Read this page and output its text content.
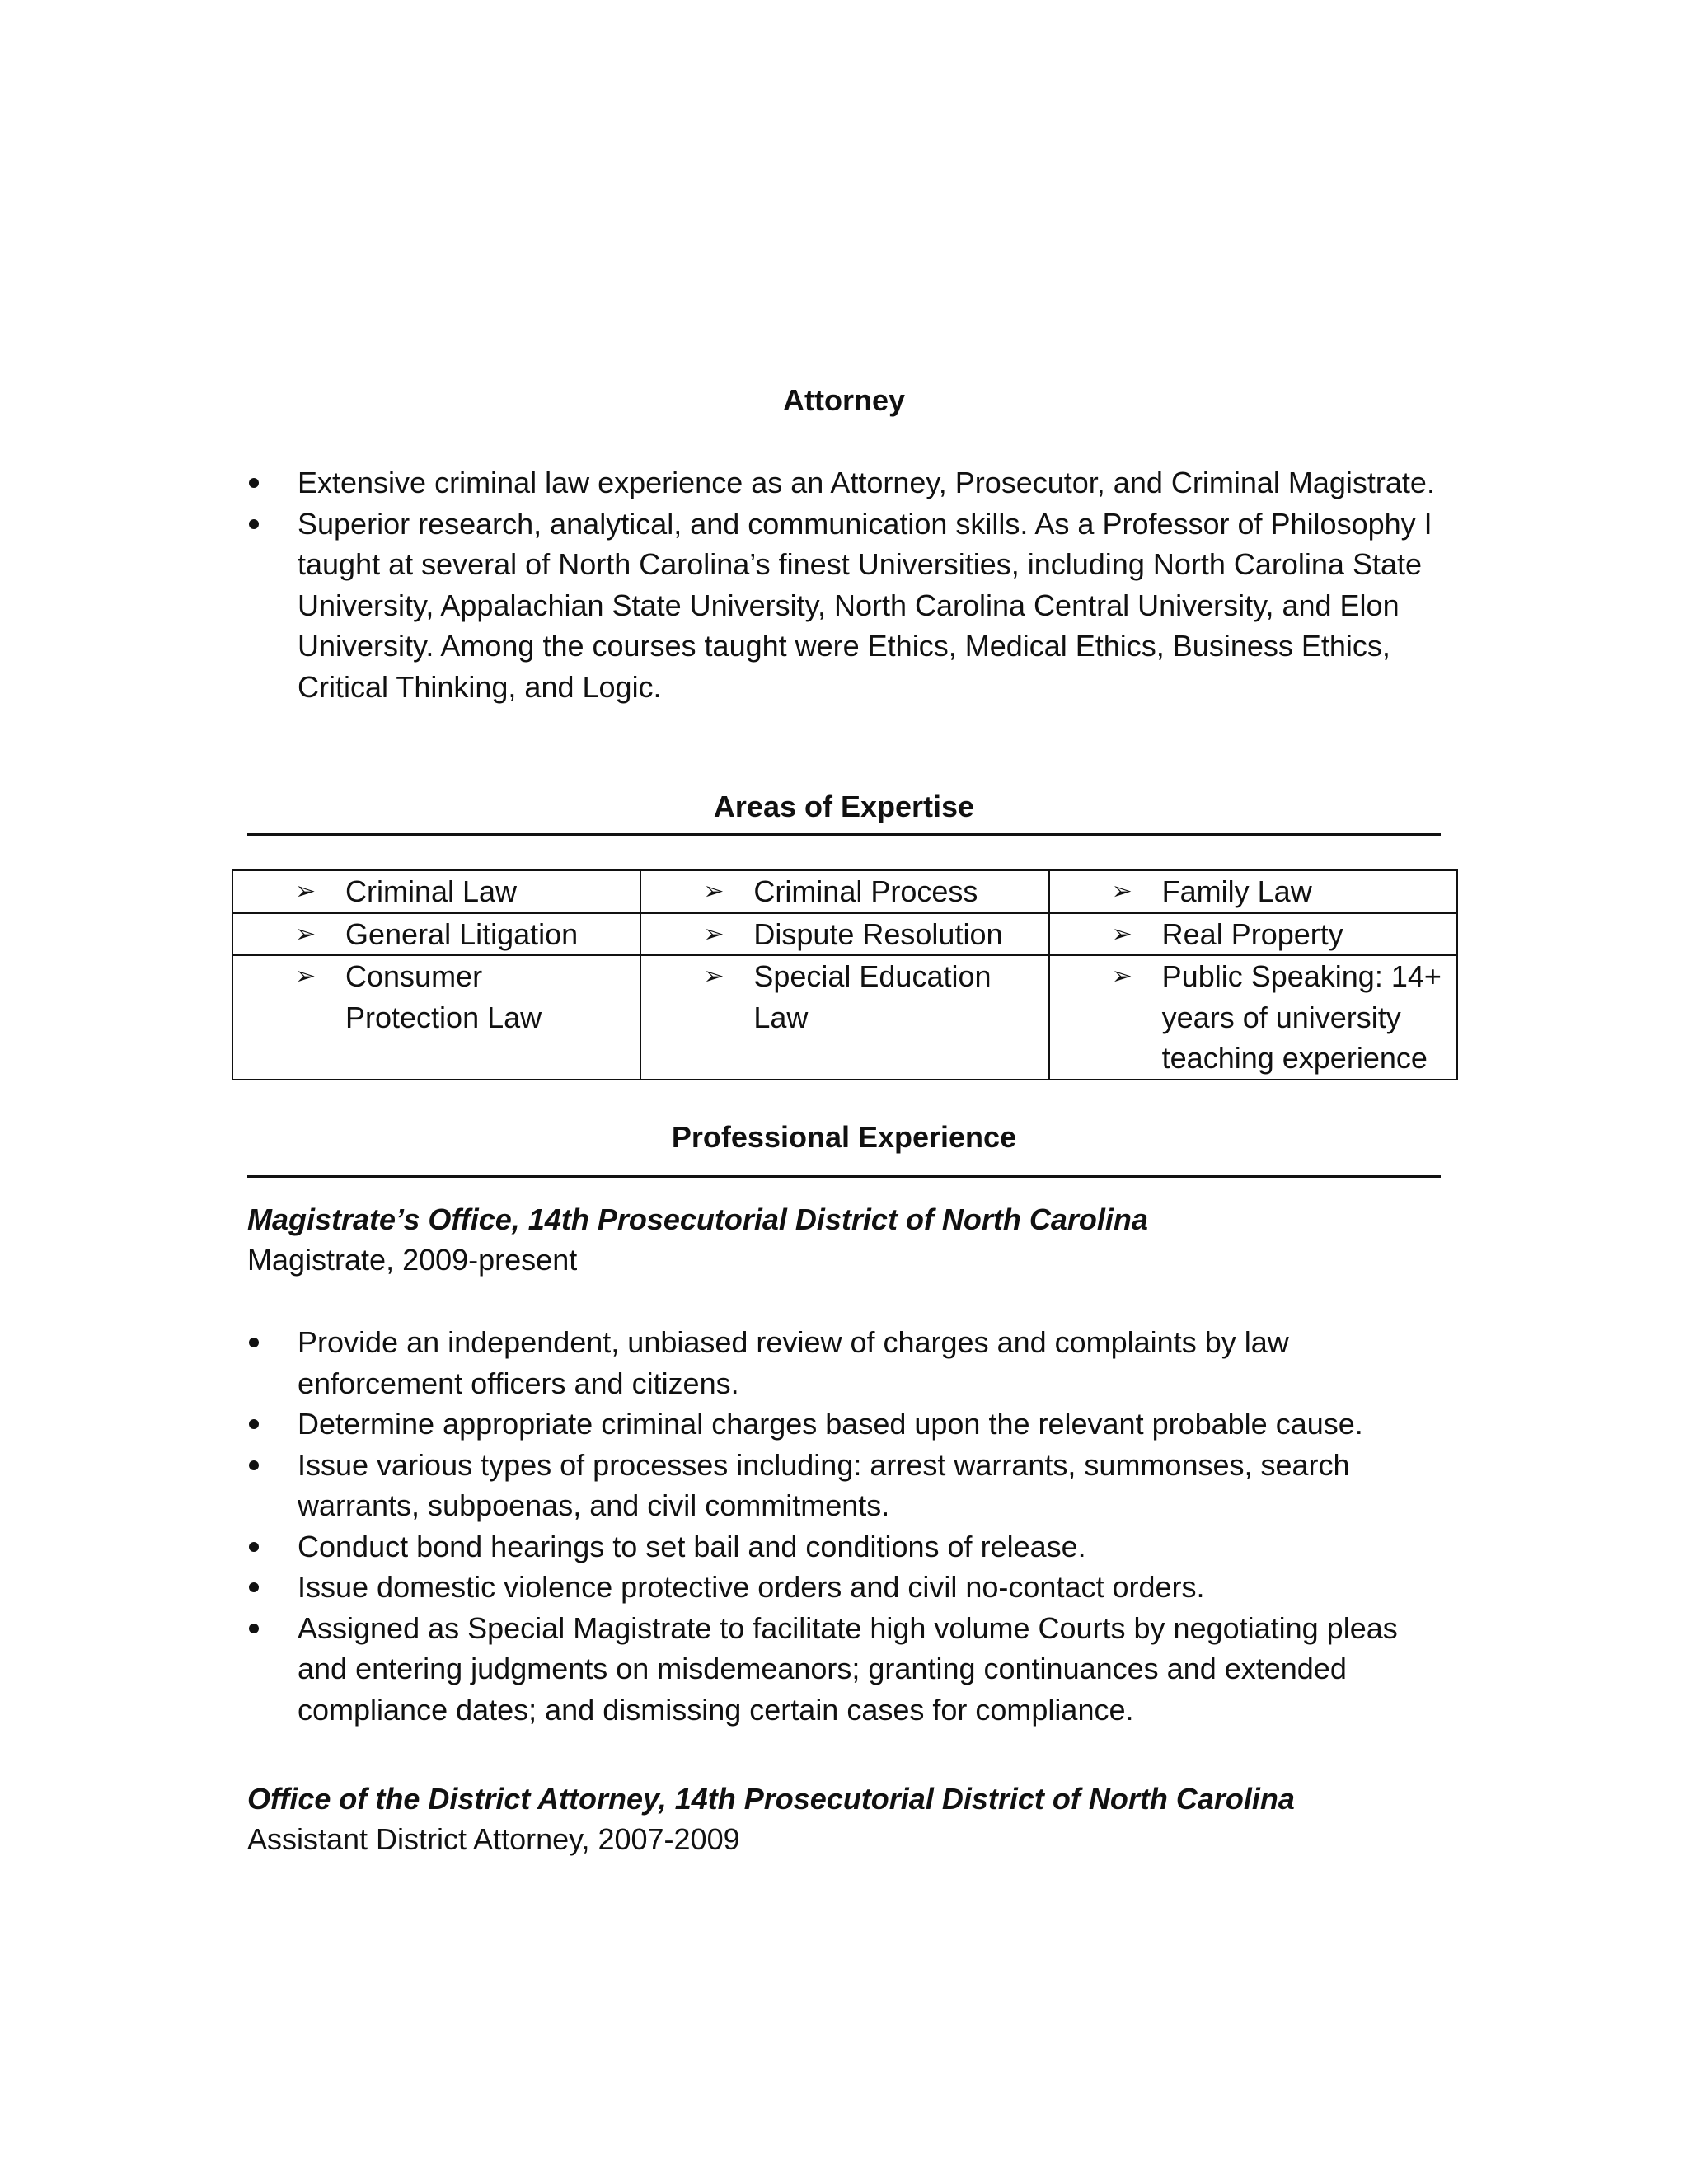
Attorney
Extensive criminal law experience as an Attorney, Prosecutor, and Criminal Magistrate.
Superior research, analytical, and communication skills. As a Professor of Philosophy I taught at several of North Carolina’s finest Universities, including North Carolina State University, Appalachian State University, North Carolina Central University, and Elon University. Among the courses taught were Ethics, Medical Ethics, Business Ethics, Critical Thinking, and Logic.
Areas of Expertise
➢ Criminal Law	➢ Criminal Process	➢ Family Law

➢ General Litigation	➢ Dispute Resolution	➢ Real Property

➢ Consumer Protection Law	➢ Special Education Law	➢ Public Speaking: 14+ years of university teaching experience
Professional Experience
Magistrate’s Office, 14th Prosecutorial District of North Carolina
Magistrate, 2009-present
Provide an independent, unbiased review of charges and complaints by law enforcement officers and citizens.
Determine appropriate criminal charges based upon the relevant probable cause.
Issue various types of processes including: arrest warrants, summonses, search warrants, subpoenas, and civil commitments.
Conduct bond hearings to set bail and conditions of release.
Issue domestic violence protective orders and civil no-contact orders.
Assigned as Special Magistrate to facilitate high volume Courts by negotiating pleas and entering judgments on misdemeanors; granting continuances and extended compliance dates; and dismissing certain cases for compliance.
Office of the District Attorney, 14th Prosecutorial District of North Carolina
Assistant District Attorney, 2007-2009
